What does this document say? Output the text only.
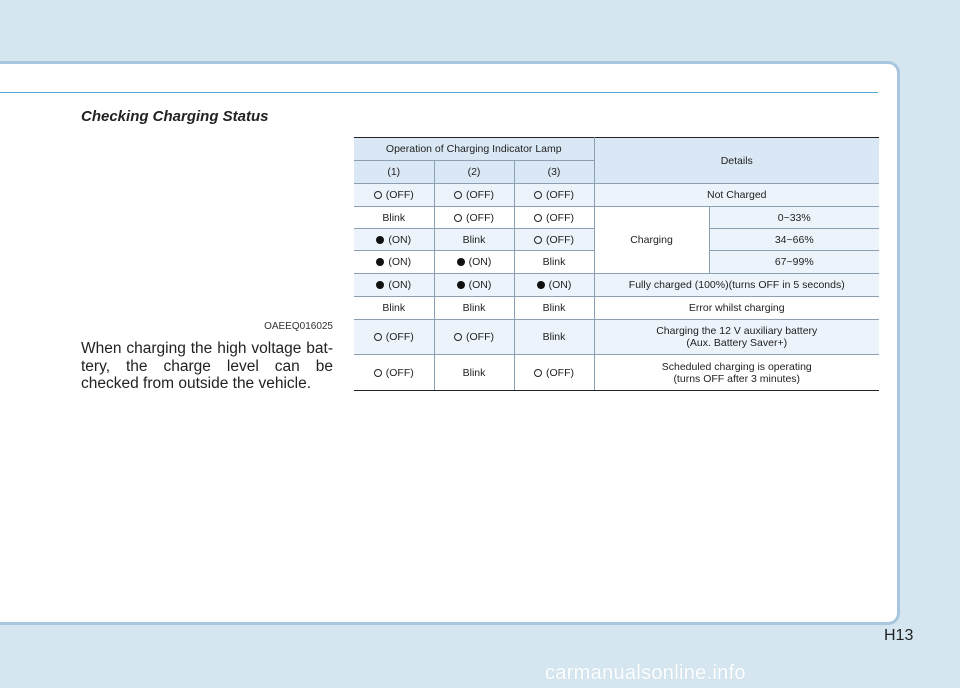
Checking Charging Status
OAEEQ016025

When charging the high voltage bat-tery, the charge level can be checked from outside the vehicle.

Operation of Charging Indicator Lamp			Details	
(1)	(2)	(3)		
(OFF)	(OFF)	(OFF)	Not Charged	
Blink	(OFF)	(OFF)	Charging	0~33%
(ON)	Blink	(OFF)		34~66%
(ON)	(ON)	Blink		67~99%
(ON)	(ON)	(ON)	Fully charged (100%)(turns OFF in 5 seconds)	
Blink	Blink	Blink	Error whilst charging	
(OFF)	(OFF)	Blink	Charging the 12 V auxiliary battery
(Aux. Battery Saver+)	

(OFF)	Blink	(OFF)	Scheduled charging is operating
(turns OFF after 3 minutes)	
H13
carmanualsonline.info
